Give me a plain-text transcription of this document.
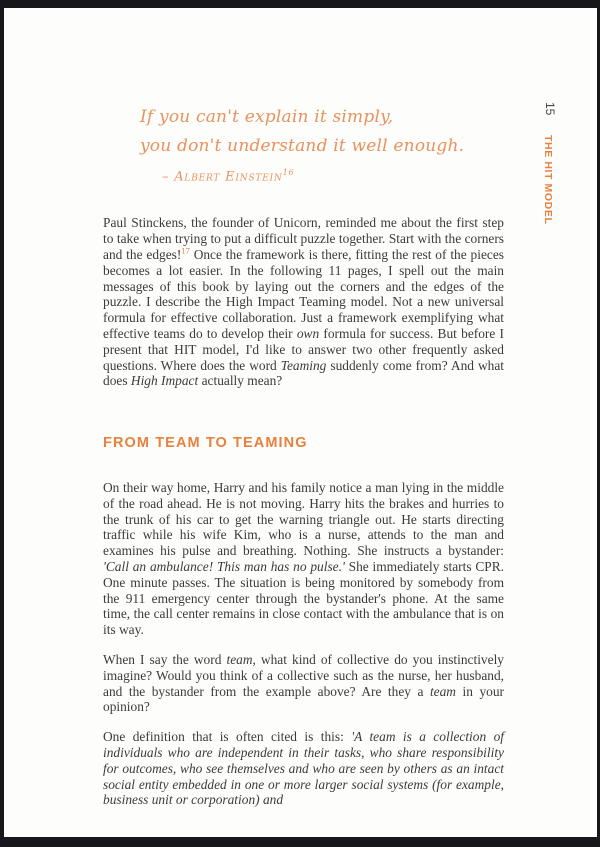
If you can't explain it simply,
you don't understand it well enough.
– Albert Einstein$^{16}$

Paul Stinckens, the founder of Unicorn, reminded me about the first step to take when trying to put a difficult puzzle together. Start with the corners and the edges!$^{17}$ Once the framework is there, fitting the rest of the pieces becomes a lot easier. In the following 11 pages, I spell out the main messages of this book by laying out the corners and the edges of the puzzle. I describe the High Impact Teaming model. Not a new universal formula for effective collaboration. Just a framework exemplifying what effective teams do to develop their own formula for success. But before I present that HIT model, I'd like to answer two other frequently asked questions. Where does the word Teaming suddenly come from? And what does High Impact actually mean?

FROM TEAM TO TEAMING

On their way home, Harry and his family notice a man lying in the middle of the road ahead. He is not moving. Harry hits the brakes and hurries to the trunk of his car to get the warning triangle out. He starts directing traffic while his wife Kim, who is a nurse, attends to the man and examines his pulse and breathing. Nothing. She instructs a bystander: 'Call an ambulance! This man has no pulse.' She immediately starts CPR. One minute passes. The situation is being monitored by somebody from the 911 emergency center through the bystander's phone. At the same time, the call center remains in close contact with the ambulance that is on its way.

When I say the word team, what kind of collective do you instinctively imagine? Would you think of a collective such as the nurse, her husband, and the bystander from the example above? Are they a team in your opinion?

One definition that is often cited is this: 'A team is a collection of individuals who are independent in their tasks, who share responsibility for outcomes, who see themselves and who are seen by others as an intact social entity embedded in one or more larger social systems (for example, business unit or corporation) and

15
THE HIT MODEL
